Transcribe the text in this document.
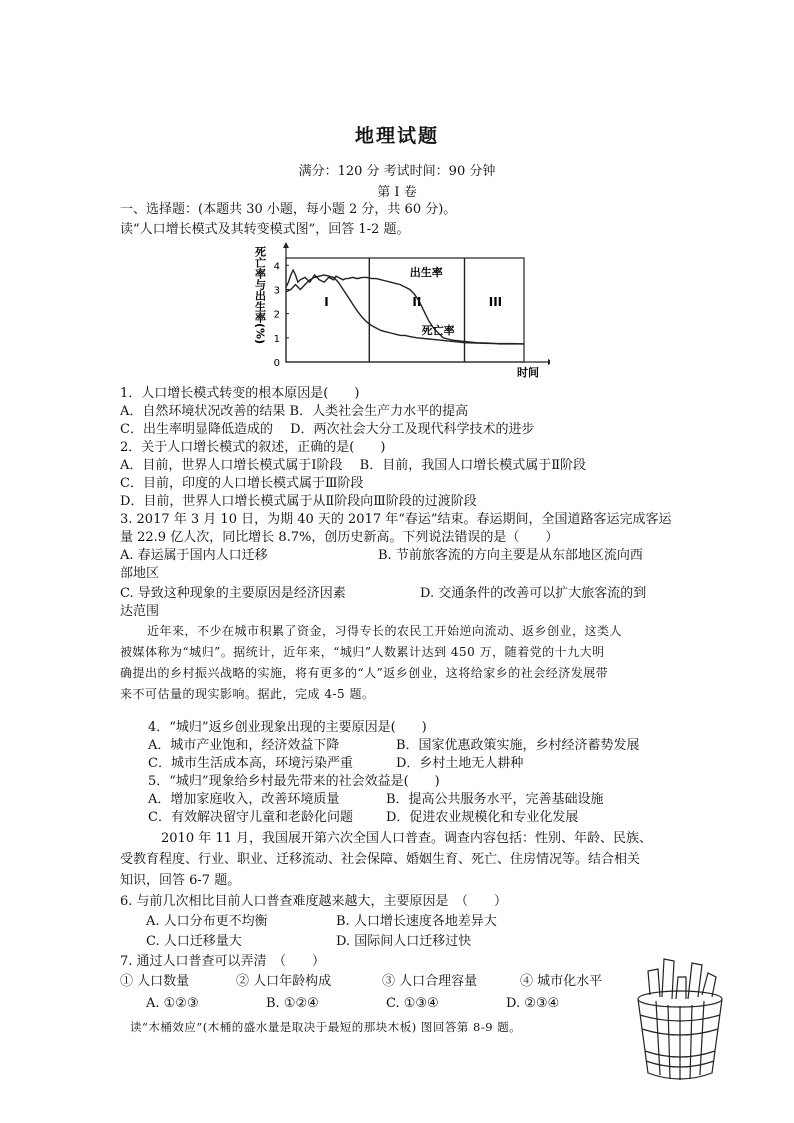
地理试题
满分：120 分 考试时间：90 分钟
第 I 卷
一、选择题：(本题共 30 小题，每小题 2 分，共 60 分)。
读“人口增长模式及其转变模式图”，回答 1-2 题。
死亡率与出生率(%)
0
1
2
3
4
I	II	III
出生率
死亡率
时间
1．人口增长模式转变的根本原因是(　　)
A．自然环境状况改善的结果 B．人类社会生产力水平的提高
C．出生率明显降低造成的　 D．两次社会大分工及现代科学技术的进步
2．关于人口增长模式的叙述，正确的是(　　)
A．目前，世界人口增长模式属于Ⅰ阶段　 B．目前，我国人口增长模式属于Ⅱ阶段
C．目前，印度的人口增长模式属于Ⅲ阶段
D．目前，世界人口增长模式属于从Ⅱ阶段向Ⅲ阶段的过渡阶段
3. 2017 年 3 月 10 日，为期 40 天的 2017 年“春运”结束。春运期间，全国道路客运完成客运
量 22.9 亿人次，同比增长 8.7%，创历史新高。下列说法错误的是（　　）
A. 春运属于国内人口迁移	B. 节前旅客流的方向主要是从东部地区流向西
部地区
C. 导致这种现象的主要原因是经济因素	D. 交通条件的改善可以扩大旅客流的到
达范围
近年来，不少在城市积累了资金，习得专长的农民工开始逆向流动、返乡创业，这类人
被媒体称为“城归”。据统计，近年来，“城归”人数累计达到 450 万，随着党的十九大明
确提出的乡村振兴战略的实施，将有更多的“人”返乡创业，这将给家乡的社会经济发展带
来不可估量的现实影响。据此，完成 4-5 题。
4．“城归”返乡创业现象出现的主要原因是(　　)
A．城市产业饱和，经济效益下降	B．国家优惠政策实施，乡村经济蓄势发展
C．城市生活成本高，环境污染严重	D．乡村土地无人耕种
5．“城归”现象给乡村最先带来的社会效益是(　　)
A．增加家庭收入，改善环境质量	B．提高公共服务水平，完善基础设施
C．有效解决留守儿童和老龄化问题	D．促进农业规模化和专业化发展
2010 年 11 月，我国展开第六次全国人口普查。调查内容包括：性别、年龄、民族、
受教育程度、行业、职业、迁移流动、社会保障、婚姻生育、死亡、住房情况等。结合相关
知识，回答 6-7 题。
6. 与前几次相比目前人口普查难度越来越大，主要原因是　（　　）
A. 人口分布更不均衡	B. 人口增长速度各地差异大
C. 人口迁移量大	D. 国际间人口迁移过快
7. 通过人口普查可以弄清　（　　）
① 人口数量	② 人口年龄构成	③ 人口合理容量	④ 城市化水平
A. ①②③	B. ①②④	C. ①③④	D. ②③④
读“木桶效应”(木桶的盛水量是取决于最短的那块木板) 图回答第 8-9 题。
